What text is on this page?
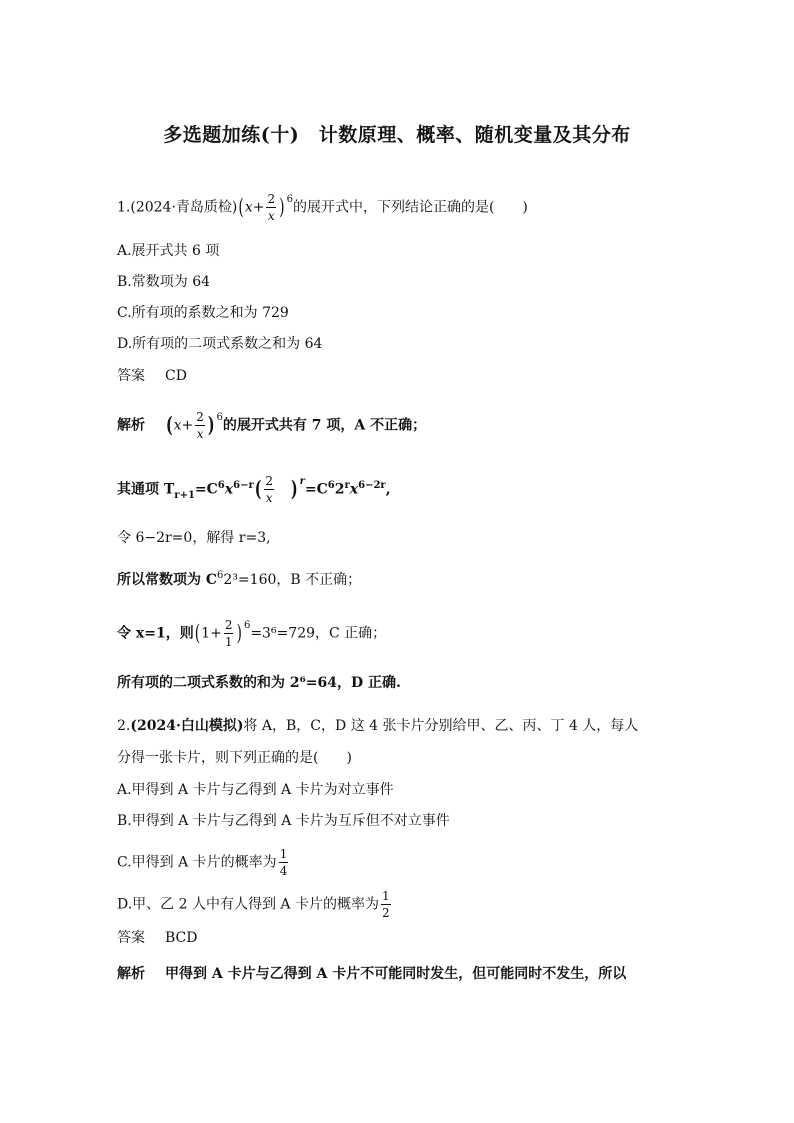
多选题加练(十)　计数原理、概率、随机变量及其分布
1.(2024·青岛质检)($x+ \frac{2}{x}$ ) $^6$的展开式中，下列结论正确的是(　　)
A.展开式共 6 项
B.常数项为 64
C.所有项的系数之和为 729
D.所有项的二项式系数之和为 64
答案 CD
解析 ($x+ \frac{2}{x}$ ) $^6$的展开式共有 7 项，A 不正确；
其通项 $T_{r+1}=C^6x^{6-r}( \frac{2}{x}$ ) $^r=C^62^rx^{6-2r}$,
令 6−2r=0，解得 r=3,
所以常数项为 $C^62^3=160$，B 不正确；
令 x=1，则($1+ \frac{2}{1}$ ) $^6$=3⁶=729，C 正确；
所有项的二项式系数的和为 2⁶=64，D 正确.
2.(2024·白山模拟)将 A，B，C，D 这 4 张卡片分别给甲、乙、丙、丁 4 人，每人
分得一张卡片，则下列正确的是(　　)
A.甲得到 A 卡片与乙得到 A 卡片为对立事件
B.甲得到 A 卡片与乙得到 A 卡片为互斥但不对立事件
C.甲得到 A 卡片的概率为 $\frac{1}{4}$
D.甲、乙 2 人中有人得到 A 卡片的概率为 $\frac{1}{2}$
答案 BCD
解析 甲得到 A 卡片与乙得到 A 卡片不可能同时发生，但可能同时不发生，所以
